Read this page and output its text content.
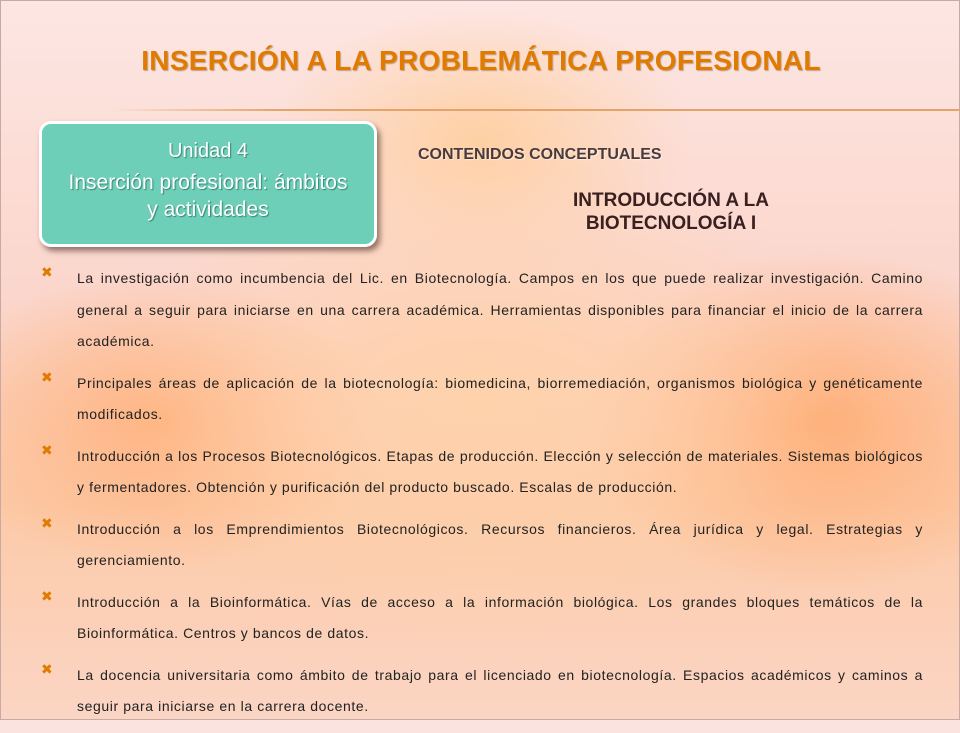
INSERCIÓN A LA PROBLEMÁTICA PROFESIONAL
Unidad 4
Inserción profesional: ámbitos y actividades
CONTENIDOS CONCEPTUALES
INTRODUCCIÓN A LA BIOTECNOLOGÍA I
✖ La investigación como incumbencia del Lic. en Biotecnología. Campos en los que puede realizar investigación. Camino general a seguir para iniciarse en una carrera académica. Herramientas disponibles para financiar el inicio de la carrera académica.

✖ Principales áreas de aplicación de la biotecnología: biomedicina, biorremediación, organismos biológica y genéticamente modificados.

✖ Introducción a los Procesos Biotecnológicos. Etapas de producción. Elección y selección de materiales. Sistemas biológicos y fermentadores. Obtención y purificación del producto buscado. Escalas de producción.

✖ Introducción a los Emprendimientos Biotecnológicos. Recursos financieros. Área jurídica y legal. Estrategias y gerenciamiento.

✖ Introducción a la Bioinformática. Vías de acceso a la información biológica. Los grandes bloques temáticos de la Bioinformática. Centros y bancos de datos.

✖ La docencia universitaria como ámbito de trabajo para el licenciado en biotecnología. Espacios académicos y caminos a seguir para iniciarse en la carrera docente.
